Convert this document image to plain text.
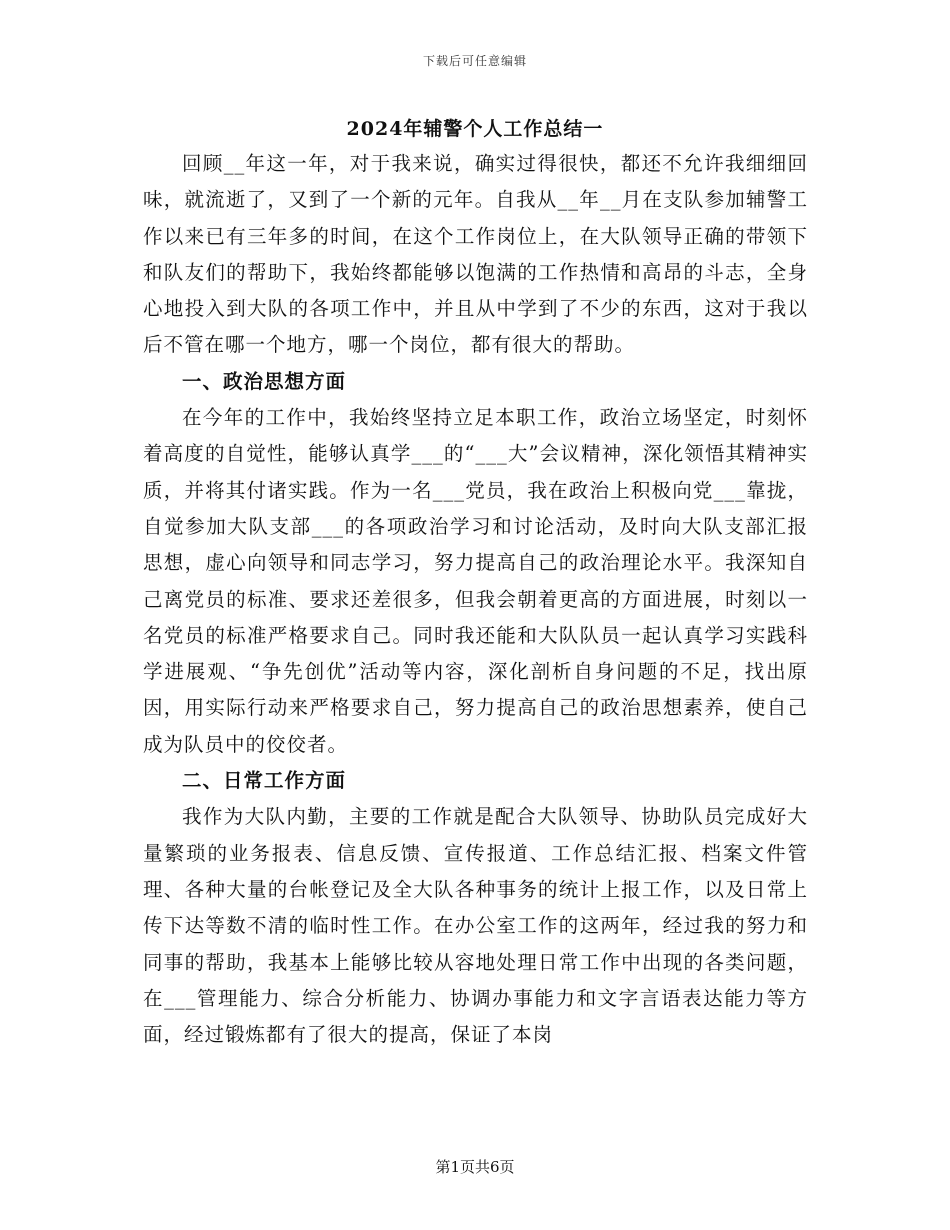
下载后可任意编辑
2024年辅警个人工作总结一

回顾__年这一年，对于我来说，确实过得很快，都还不允许我细细回味，就流逝了，又到了一个新的元年。自我从__年__月在支队参加辅警工作以来已有三年多的时间，在这个工作岗位上，在大队领导正确的带领下和队友们的帮助下，我始终都能够以饱满的工作热情和高昂的斗志，全身心地投入到大队的各项工作中，并且从中学到了不少的东西，这对于我以后不管在哪一个地方，哪一个岗位，都有很大的帮助。

一、政治思想方面

在今年的工作中，我始终坚持立足本职工作，政治立场坚定，时刻怀着高度的自觉性，能够认真学___的“___大”会议精神，深化领悟其精神实质，并将其付诸实践。作为一名___党员，我在政治上积极向党___靠拢，自觉参加大队支部___的各项政治学习和讨论活动，及时向大队支部汇报思想，虚心向领导和同志学习，努力提高自己的政治理论水平。我深知自己离党员的标准、要求还差很多，但我会朝着更高的方面进展，时刻以一名党员的标准严格要求自己。同时我还能和大队队员一起认真学习实践科学进展观、“争先创优”活动等内容，深化剖析自身问题的不足，找出原因，用实际行动来严格要求自己，努力提高自己的政治思想素养，使自己成为队员中的佼佼者。

二、日常工作方面

我作为大队内勤，主要的工作就是配合大队领导、协助队员完成好大量繁琐的业务报表、信息反馈、宣传报道、工作总结汇报、档案文件管理、各种大量的台帐登记及全大队各种事务的统计上报工作，以及日常上传下达等数不清的临时性工作。在办公室工作的这两年，经过我的努力和同事的帮助，我基本上能够比较从容地处理日常工作中出现的各类问题，在___管理能力、综合分析能力、协调办事能力和文字言语表达能力等方面，经过锻炼都有了很大的提高，保证了本岗

第1页共6页
